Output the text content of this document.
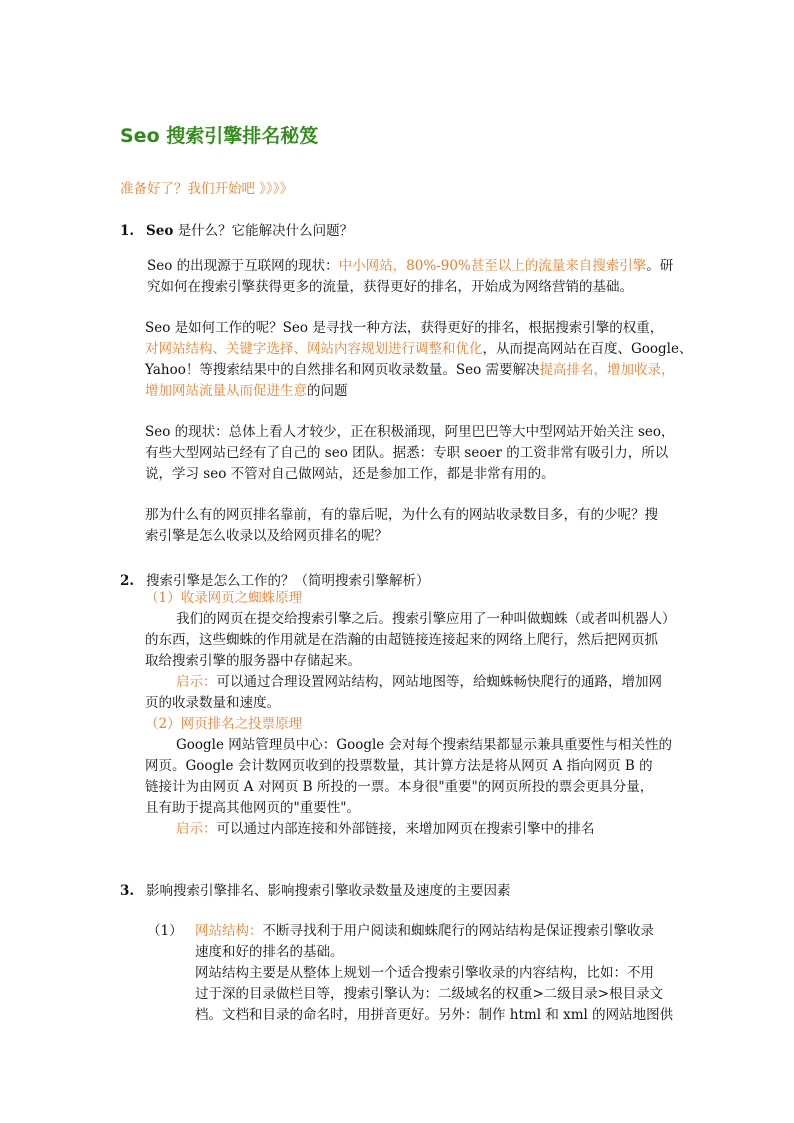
Seo 搜索引擎排名秘笈
准备好了？我们开始吧 》》》》
1. Seo 是什么？它能解决什么问题？
Seo 的出现源于互联网的现状：中小网站，80%-90%甚至以上的流量来自搜索引擎。研
究如何在搜索引擎获得更多的流量，获得更好的排名，开始成为网络营销的基础。
Seo 是如何工作的呢？Seo 是寻找一种方法，获得更好的排名，根据搜索引擎的权重，
对网站结构、关键字选择、网站内容规划进行调整和优化，从而提高网站在百度、Google、
Yahoo！等搜索结果中的自然排名和网页收录数量。Seo 需要解决提高排名，增加收录，
增加网站流量从而促进生意的问题
Seo 的现状：总体上看人才较少，正在积极涌现，阿里巴巴等大中型网站开始关注 seo，
有些大型网站已经有了自己的 seo 团队。据悉：专职 seoer 的工资非常有吸引力，所以
说，学习 seo 不管对自己做网站，还是参加工作，都是非常有用的。
那为什么有的网页排名靠前，有的靠后呢，为什么有的网站收录数目多，有的少呢？搜
索引擎是怎么收录以及给网页排名的呢？
2. 搜索引擎是怎么工作的？（简明搜索引擎解析）
（1）收录网页之蜘蛛原理
我们的网页在提交给搜索引擎之后。搜索引擎应用了一种叫做蜘蛛（或者叫机器人）
的东西，这些蜘蛛的作用就是在浩瀚的由超链接连接起来的网络上爬行，然后把网页抓
取给搜索引擎的服务器中存储起来。
启示：可以通过合理设置网站结构，网站地图等，给蜘蛛畅快爬行的通路，增加网
页的收录数量和速度。
（2）网页排名之投票原理
Google 网站管理员中心：Google 会对每个搜索结果都显示兼具重要性与相关性的
网页。Google 会计数网页收到的投票数量，其计算方法是将从网页 A 指向网页 B 的
链接计为由网页 A 对网页 B 所投的一票。本身很"重要"的网页所投的票会更具分量，
且有助于提高其他网页的"重要性"。
启示：可以通过内部连接和外部链接，来增加网页在搜索引擎中的排名
3. 影响搜索引擎排名、影响搜索引擎收录数量及速度的主要因素
（1） 网站结构：不断寻找利于用户阅读和蜘蛛爬行的网站结构是保证搜索引擎收录
速度和好的排名的基础。
网站结构主要是从整体上规划一个适合搜索引擎收录的内容结构，比如：不用
过于深的目录做栏目等，搜索引擎认为：二级域名的权重>二级目录>根目录文
档。文档和目录的命名时，用拼音更好。另外：制作 html 和 xml 的网站地图供
